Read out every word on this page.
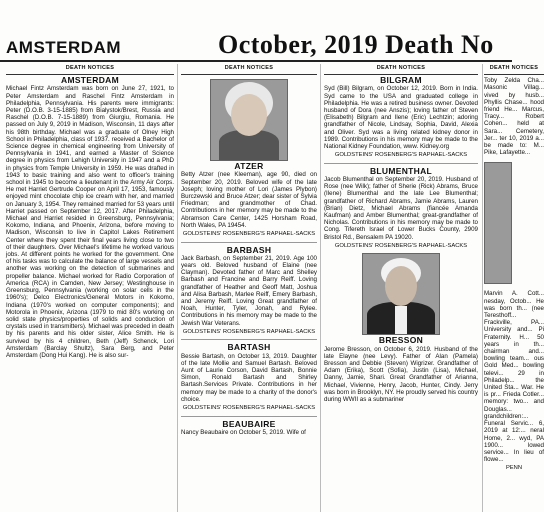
AMSTERDAM	October, 2019 Death No
DEATH NOTICES
AMSTERDAM
Michael Fintz Amsterdam was born on June 27, 1921, to Peter Amsterdam and Raschel Fintz Amsterdam in Philadelphia, Pennsylvania. His parents were immigrants: Peter (D.O.B. 3-15-1885) from Bialystok/Brest, Russia and Raschel (D.O.B. 7-15-1889) from Giurgiu, Romania. He passed on July 9, 2019 in Madison, Wisconsin, 11 days after his 98th birthday. Michael was a graduate of Olney High School in Philadelphia, class of 1937. received a Bachelor of Science degree in chemical engineering from University of Pennsylvania in 1941, and earned a Master of Science degree in physics from Lehigh University in 1947 and a PhD in physics from Temple University in 1959. He was drafted in 1943 to basic training and also went to officer's training school in 1945 to become a lieutenant in the Army Air Corps. He met Harriet Gertrude Cooper on April 17, 1953, famously enjoyed mint chocolate chip ice cream with her, and married on January 3, 1954. They remained married for 53 years until Harriet passed on September 12, 2017. After Philadelphia, Michael and Harriet resided in Greensburg, Pennsylvania; Kokomo, Indiana, and Phoenix, Arizona, before moving to Madison, Wisconsin to live in Capitol Lakes Retirement Center where they spent their final years living close to two of their daughters. Over Michael's lifetime he worked various jobs. At different points he worked for the government. One of his tasks was to calculate the balance of large vessels and another was working on the detection of submarines and propeller balance. Michael worked for Radio Corporation of America (RCA) in Camden, New Jersey; Westinghouse in Greensburg, Pennsylvania (working on solar cells in the 1960's); Delco Electronics/General Motors in Kokomo, Indiana (1970's worked on computer components); and Motorola in Phoenix, Arizona (1979 to mid 80's working on solid state physics/properties of solids and conduction of crystals used in transmitters). Michael was preceded in death by his parents and his older sister, Alice Smith. He is survived by his 4 children, Beth (Jeff) Schenck, Lori Amsterdam (Barclay Shultz), Sara Berg, and Peter Amsterdam (Dong Hui Kang). He is also sur-
DEATH NOTICES
ATZER
Betty Atzer (nee Kleeman), age 90, died on September 20, 2019. Beloved wife of the late Joseph; loving mother of Lori (James Plybon) Burczewski and Bruce Atzer; dear sister of Sylvia Friedman; and grandmother of Chad. Contributions in her memory may be made to the Abramson Care Center, 1425 Horsham Road, North Wales, PA 19454.
GOLDSTEINS' ROSENBERG'S RAPHAEL-SACKS
BARBASH
Jack Barbash, on September 21, 2019. Age 100 years old. Beloved husband of Elaine (nee Clayman). Devoted father of Marc and Shelley Barbash and Francine and Barry Reiff. Loving grandfather of Heather and Geoff Matt, Joshua and Alisa Barbash, Marlee Reiff, Emery Barbash, and Jeremy Reiff. Loving Great grandfather of Noah, Hunter, Tyler, Jonah, and Rylee. Contributions in his memory may be made to the Jewish War Veterans.
GOLDSTEINS' ROSENBERG'S RAPHAEL-SACKS
BARTASH
Bessie Bartash, on October 13, 2019. Daughter of the late Mollie and Samuel Bartash. Beloved Aunt of Laurie Corson, David Bartash, Bonnie Simon, Ronald Bartash and Shirley Bartash.Services Private. Contributions in her memory may be made to a charity of the donor's choice.
GOLDSTEINS' ROSENBERG'S RAPHAEL-SACKS
BEAUBAIRE
Nancy Beaubaire on October 5, 2019. Wife of
DEATH NOTICES
BILGRAM
Syd (Bill) Bilgram, on October 12, 2019. Born in India. Syd came to the USA and graduated college in Philadelphia. He was a retired business owner. Devoted husband of Dora (nee Anszis); loving father of Steven (Elisabeth) Bilgram and Ilene (Eric) Lechtzin; adoring grandfather of Nicole, Lindsay, Sophia, David, Alexia and Oliver. Syd was a living related kidney donor in 1989. Contributions in his memory may be made to the National Kidney Foundation, www. Kidney.org
GOLDSTEINS' ROSENBERG'S RAPHAEL-SACKS
BLUMENTHAL
Jacob Blumenthal on September 20, 2019. Husband of Rose (nee Wilk); father of Sherie (Rick) Abrams, Bruce (Ilene) Blumenthal and the late Lee Blumenthal; grandfather of Richard Abrams, Jamie Abrams, Lauren (Brian) Dietz, Michael Abrams (fiancée Amanda Kaufman) and Amber Blumenthal; great-grandfather of Nicholas. Contributions in his memory may be made to Cong. Tifereth Israel of Lower Bucks County, 2909 Bristol Rd., Bensalem PA 19020.
GOLDSTEINS' ROSENBERG'S RAPHAEL-SACKS
BRESSON
Jerome Bresson, on October 6, 2019. Husband of the late Elayne (nee Levy). Father of Alan (Pamela) Bresson and Debbie (Steven) Wigrizer. Grandfather of Adam (Erika), Scott (Sofia), Justin (Lisa), Michael, Danny, Jamie, Shari. Great Grandfather of Arianna, Michael, Vivienne, Henry, Jacob, Hunter, Cindy. Jerry was born in Brooklyn, NY. He proudly served his country during WWII as a submariner
DEATH NOTICES
Toby Zelda Cha... Masonic Villag... vived by husb... Phyllis Chase... hood friend He... Marcus, Tracy... Robert Cohen... held at Sara... Cemetery, Jer... ter 10, 2019 a... be made to: M... Pike, Lafayette...
Marvin A. Cott... nesday, Octob... He was born th... (nee Teresthoff... Frackville, PA... University and... Pi Fraternity. H... 50 years in th... chairman and... bowling team... ous Gold Med... bowling televi... 29 in Philadelp... the United Sta... War. He is pr... Frieda Cotler... memory: two... and Douglas... grandchildren:... Funeral Servic... 6, 2019 at 12:... neral Home, 2... wyd, PA 1900... lowed service... In lieu of flowe...
PENN
